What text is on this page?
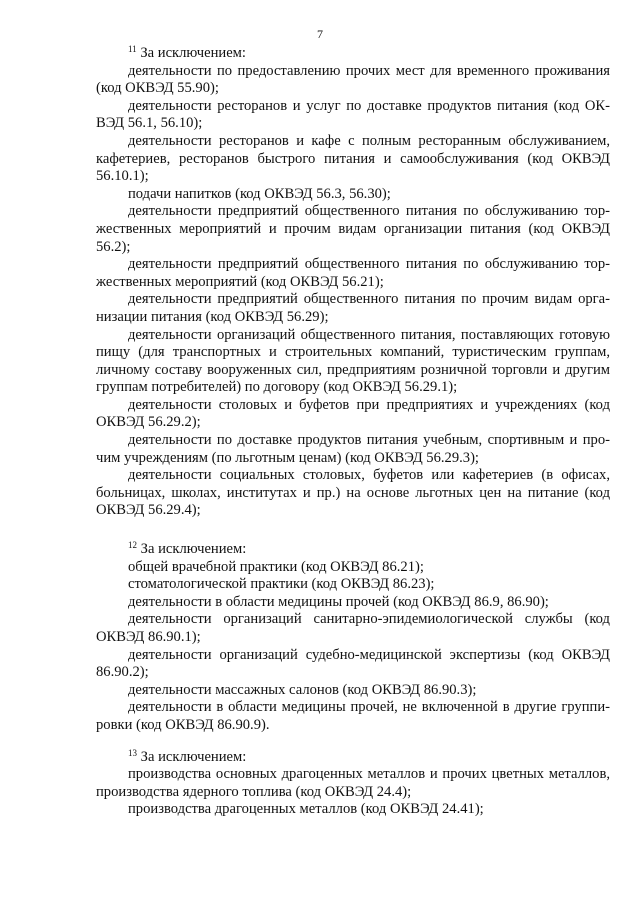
7
$^{11}$ За исключением:
деятельности по предоставлению прочих мест для временного проживания
(код ОКВЭД 55.90);
деятельности ресторанов и услуг по доставке продуктов питания (код ОК-
ВЭД 56.1, 56.10);
деятельности ресторанов и кафе с полным ресторанным обслуживанием,
кафетериев, ресторанов быстрого питания и самообслуживания (код ОКВЭД
56.10.1);
подачи напитков (код ОКВЭД 56.3, 56.30);
деятельности предприятий общественного питания по обслуживанию тор-
жественных мероприятий и прочим видам организации питания (код ОКВЭД
56.2);
деятельности предприятий общественного питания по обслуживанию тор-
жественных мероприятий (код ОКВЭД 56.21);
деятельности предприятий общественного питания по прочим видам орга-
низации питания (код ОКВЭД 56.29);
деятельности организаций общественного питания, поставляющих готовую
пищу (для транспортных и строительных компаний, туристическим группам,
личному составу вооруженных сил, предприятиям розничной торговли и другим
группам потребителей) по договору (код ОКВЭД 56.29.1);
деятельности столовых и буфетов при предприятиях и учреждениях (код
ОКВЭД 56.29.2);
деятельности по доставке продуктов питания учебным, спортивным и про-
чим учреждениям (по льготным ценам) (код ОКВЭД 56.29.3);
деятельности социальных столовых, буфетов или кафетериев (в офисах,
больницах, школах, институтах и пр.) на основе льготных цен на питание (код
ОКВЭД 56.29.4);
$^{12}$ За исключением:
общей врачебной практики (код ОКВЭД 86.21);
стоматологической практики (код ОКВЭД 86.23);
деятельности в области медицины прочей (код ОКВЭД 86.9, 86.90);
деятельности организаций санитарно-эпидемиологической службы (код
ОКВЭД 86.90.1);
деятельности организаций судебно-медицинской экспертизы (код ОКВЭД
86.90.2);
деятельности массажных салонов (код ОКВЭД 86.90.3);
деятельности в области медицины прочей, не включенной в другие группи-
ровки (код ОКВЭД 86.90.9).
$^{13}$ За исключением:
производства основных драгоценных металлов и прочих цветных металлов,
производства ядерного топлива (код ОКВЭД 24.4);
производства драгоценных металлов (код ОКВЭД 24.41);
